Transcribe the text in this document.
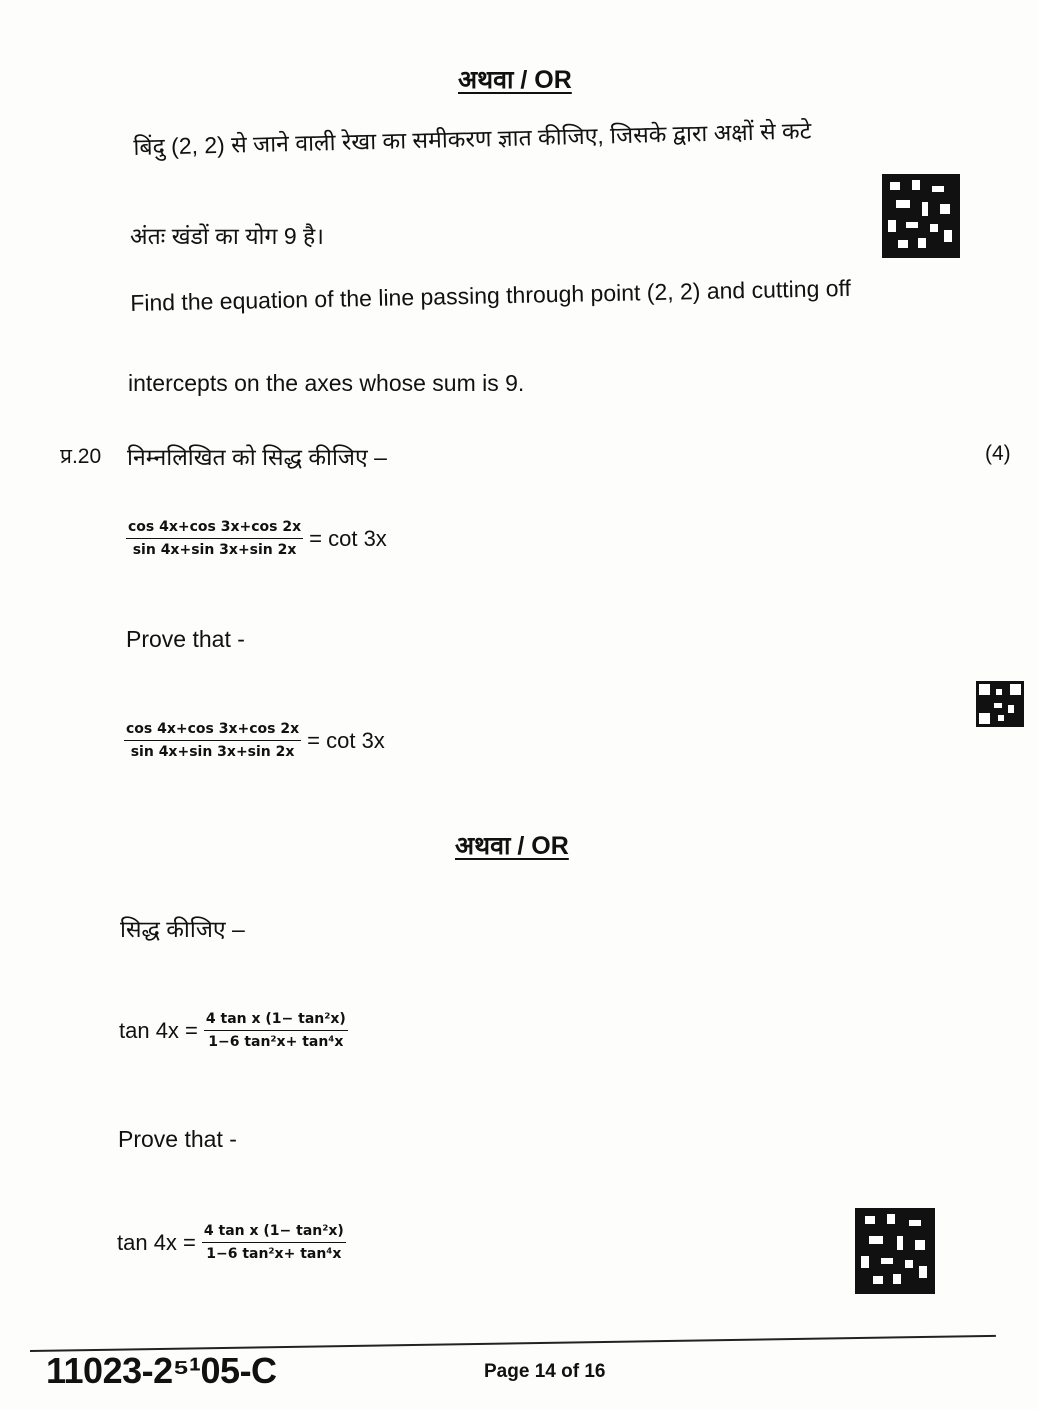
अथवा / OR
बिंदु (2, 2) से जाने वाली रेखा का समीकरण ज्ञात कीजिए, जिसके द्वारा अक्षों से कटे
अंतः खंडों का योग 9 है।
Find the equation of the line passing through point (2, 2) and cutting off
intercepts on the axes whose sum is 9.
प्र.20 निम्नलिखित को सिद्ध कीजिए –	(4)
$\frac{\cos 4x+\cos 3x+\cos 2x}{\sin 4x+\sin 3x+\sin 2x} = \cot 3x$
Prove that -
$\frac{\cos 4x+\cos 3x+\cos 2x}{\sin 4x+\sin 3x+\sin 2x} = \cot 3x$
अथवा / OR
सिद्ध कीजिए –
$\tan 4x = \frac{\text{4 tan x (1− tan²x)}}{\text{1−6 tan²x+ tan⁴x}}$
Prove that -
$\tan 4x = \frac{\text{4 tan x (1− tan²x)}}{\text{1−6 tan²x+ tan⁴x}}$
11023-2⁵¹05-C	Page 14 of 16
